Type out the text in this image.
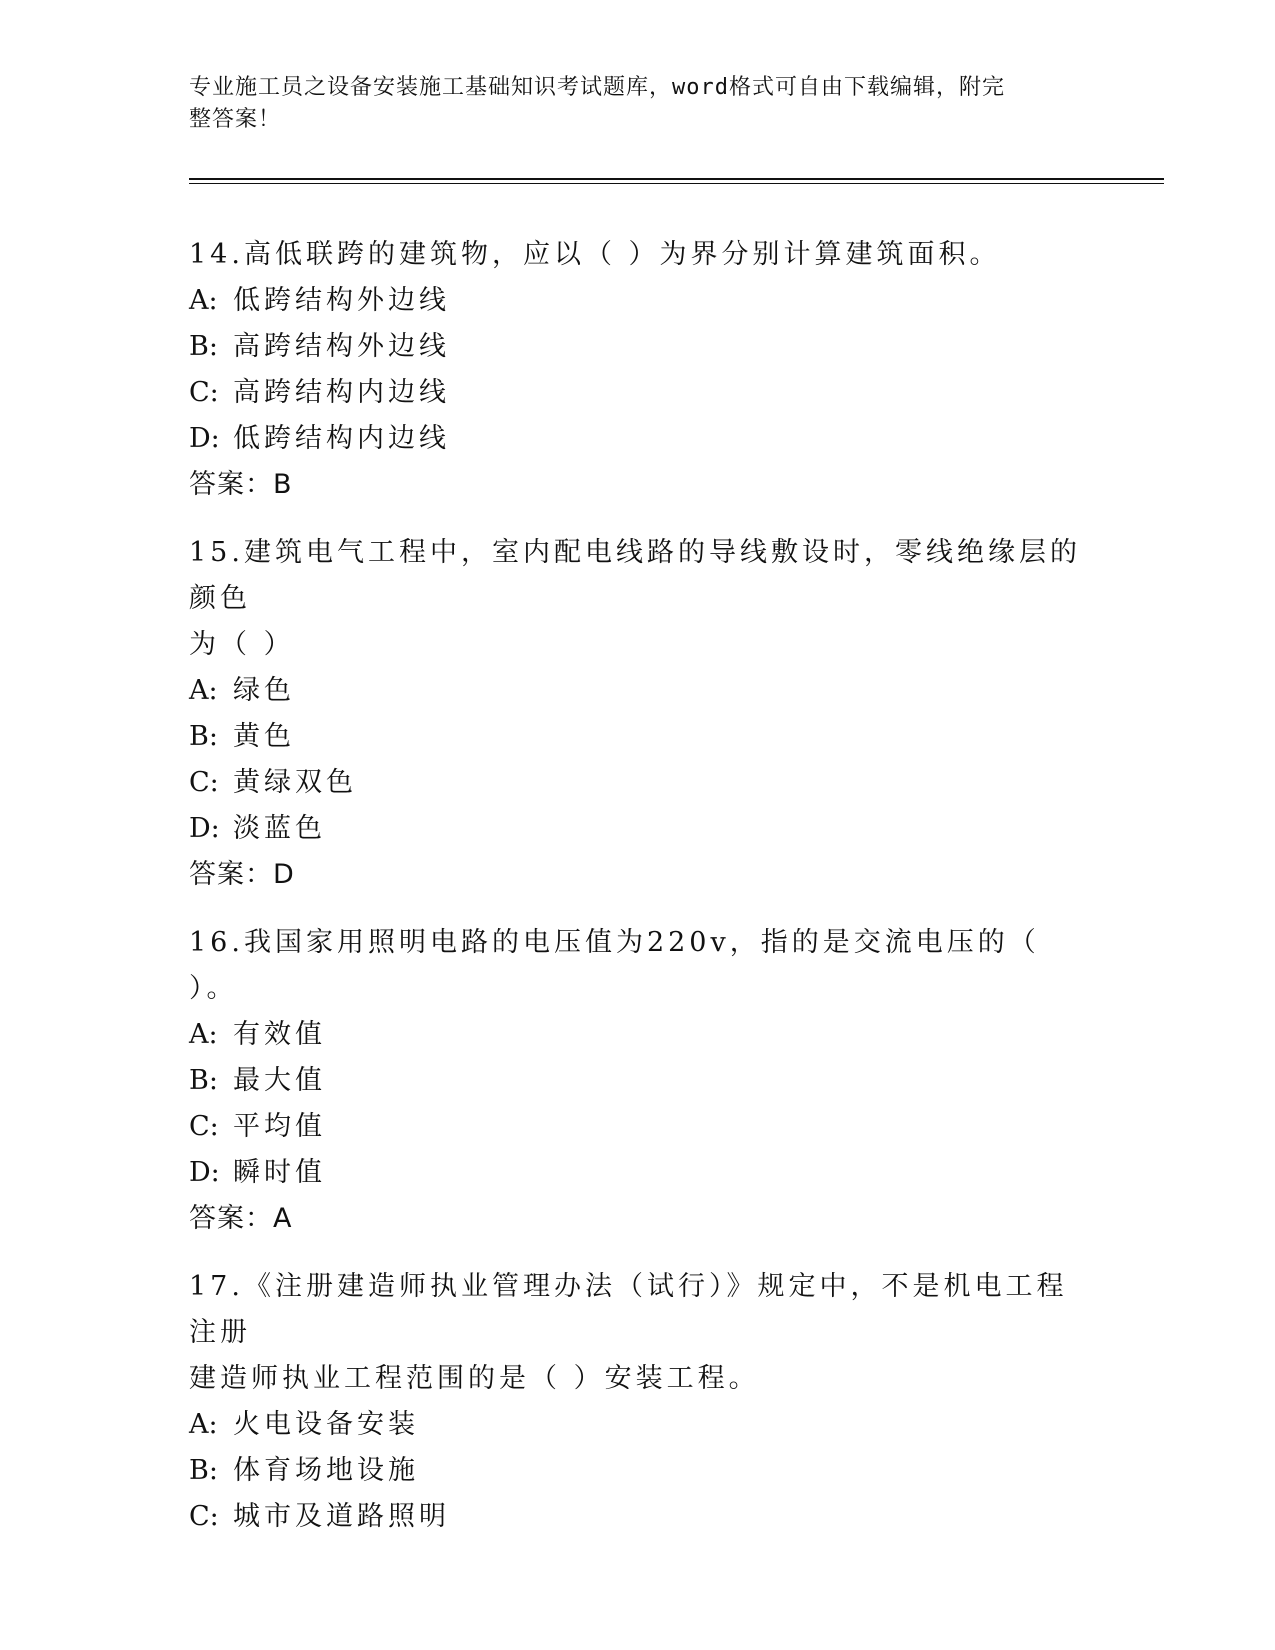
专业施工员之设备安装施工基础知识考试题库，word格式可自由下载编辑，附完
整答案！
14.高低联跨的建筑物，应以（ ）为界分别计算建筑面积。
A: 低跨结构外边线
B: 高跨结构外边线
C: 高跨结构内边线
D: 低跨结构内边线
答案：B
15.建筑电气工程中，室内配电线路的导线敷设时，零线绝缘层的颜色
为（ ）
A: 绿色
B: 黄色
C: 黄绿双色
D: 淡蓝色
答案：D
16.我国家用照明电路的电压值为220v，指的是交流电压的（ ）。
A: 有效值
B: 最大值
C: 平均值
D: 瞬时值
答案：A
17.《注册建造师执业管理办法（试行）》规定中，不是机电工程注册
建造师执业工程范围的是（ ）安装工程。
A: 火电设备安装
B: 体育场地设施
C: 城市及道路照明
